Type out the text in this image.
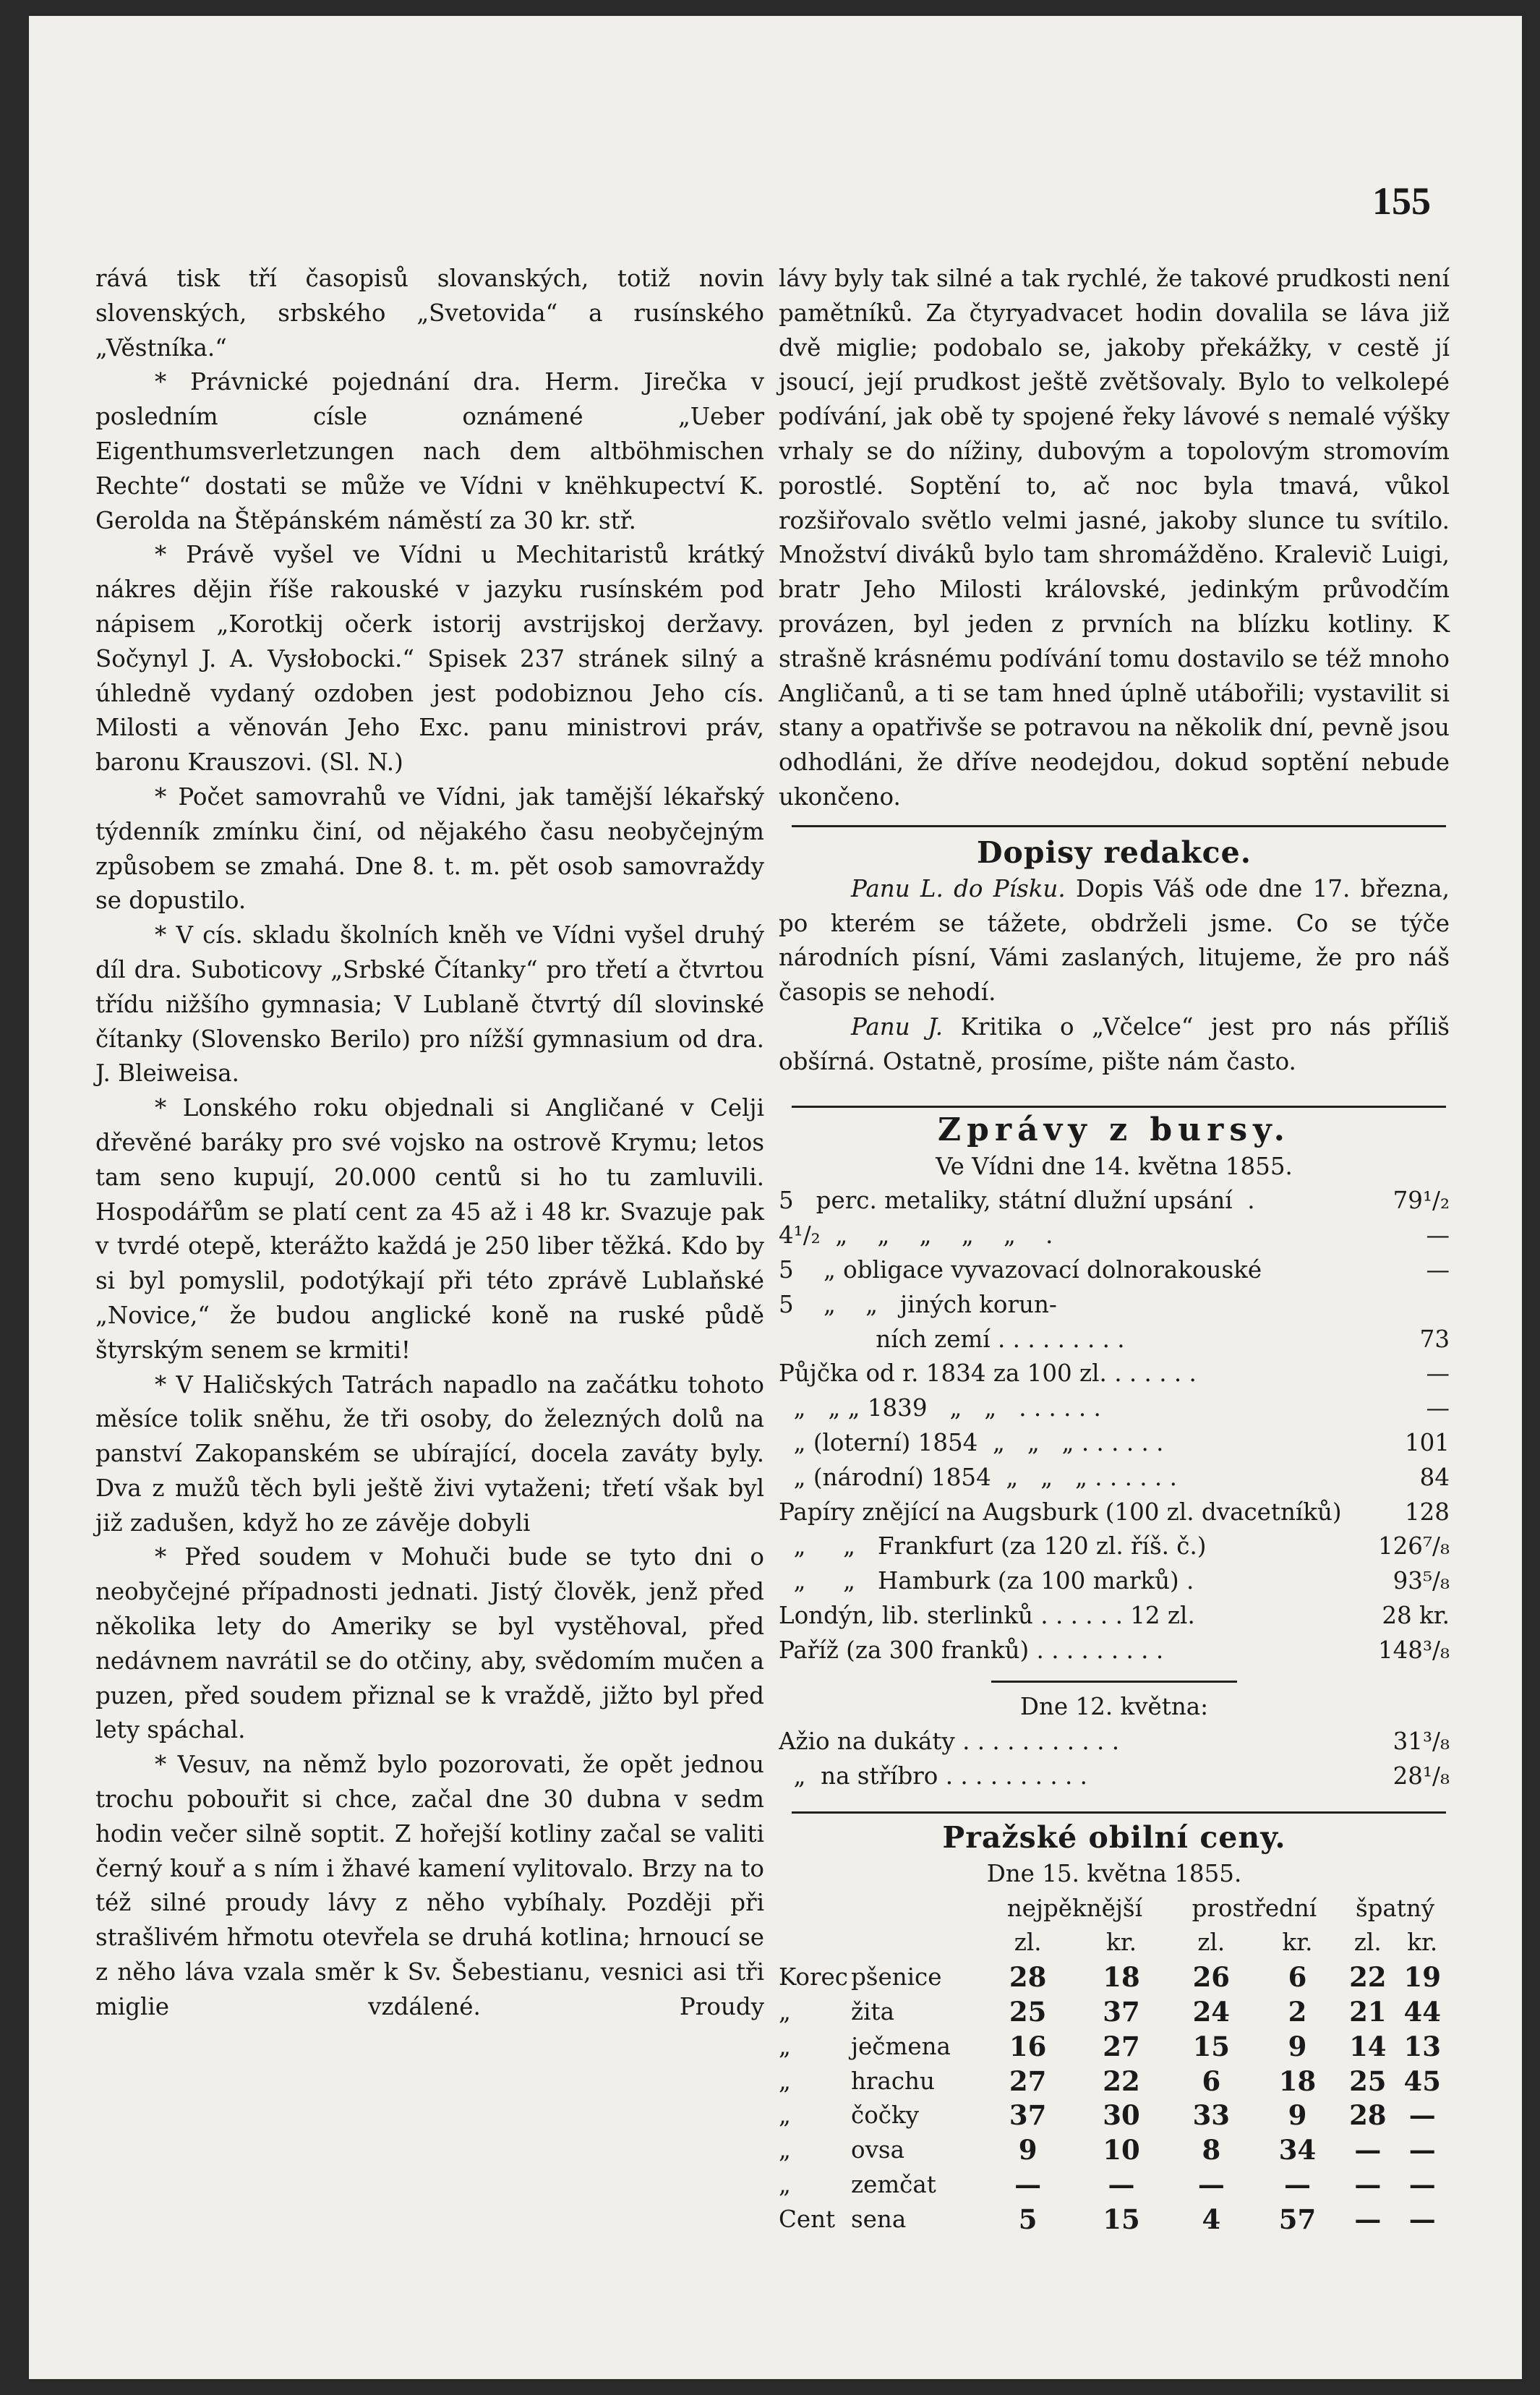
155

rává tisk tří časopisů slovanských, totiž novin slovenských, srbského „Svetovida“ a rusínského „Věstníka.“

* Právnické pojednání dra. Herm. Jirečka v posledním císle oznámené „Ueber Eigenthumsverletzungen nach dem altböhmischen Rechte“ dostati se může ve Vídni v knëhkupectví K. Gerolda na Štěpánském náměstí za 30 kr. stř.

* Právě vyšel ve Vídni u Mechitaristů krátký nákres dějin říše rakouské v jazyku rusínském pod nápisem „Korotkij očerk istorij avstrijskoj deržavy. Sočynyl J. A. Vysłobocki.“ Spisek 237 stránek silný a úhledně vydaný ozdoben jest podobiznou Jeho cís. Milosti a věnován Jeho Exc. panu ministrovi práv, baronu Krauszovi. (Sl. N.)

* Počet samovrahů ve Vídni, jak tamější lékařský týdenník zmínku činí, od nějakého času neobyčejným způsobem se zmahá. Dne 8. t. m. pět osob samovraždy se dopustilo.

* V cís. skladu školních kněh ve Vídni vyšel druhý díl dra. Suboticovy „Srbské Čítanky“ pro třetí a čtvrtou třídu nižšího gymnasia; V Lublaně čtvrtý díl slovinské čítanky (Slovensko Berilo) pro nížší gymnasium od dra. J. Bleiweisa.

* Lonského roku objednali si Angličané v Celji dřevěné baráky pro své vojsko na ostrově Krymu; letos tam seno kupují, 20.000 centů si ho tu zamluvili. Hospodářům se platí cent za 45 až i 48 kr. Svazuje pak v tvrdé otepě, kterážto každá je 250 liber těžká. Kdo by si byl pomyslil, podotýkají při této zprávě Lublaňské „Novice,“ že budou anglické koně na ruské půdě štyrským senem se krmiti!

* V Haličských Tatrách napadlo na začátku tohoto měsíce tolik sněhu, že tři osoby, do železných dolů na panství Zakopanském se ubírající, docela zaváty byly. Dva z mužů těch byli ještě živi vytaženi; třetí však byl již zadušen, když ho ze závěje dobyli

* Před soudem v Mohuči bude se tyto dni o neobyčejné případnosti jednati. Jistý člověk, jenž před několika lety do Ameriky se byl vystěhoval, před nedávnem navrátil se do otčiny, aby, svědomím mučen a puzen, před soudem přiznal se k vraždě, jižto byl před lety spáchal.

* Vesuv, na němž bylo pozorovati, že opět jednou trochu pobouřit si chce, začal dne 30 dubna v sedm hodin večer silně soptit. Z hořejší kotliny začal se valiti černý kouř a s ním i žhavé kamení vylitovalo. Brzy na to též silné proudy lávy z něho vybíhaly. Později při strašlivém hřmotu otevřela se druhá kotlina; hrnoucí se z něho láva vzala směr k Sv. Šebestianu, vesnici asi tři miglie vzdálené. Proudy

lávy byly tak silné a tak rychlé, že takové prudkosti není pamětníků. Za čtyryadvacet hodin dovalila se láva již dvě miglie; podobalo se, jakoby překážky, v cestě jí jsoucí, její prudkost ještě zvětšovaly. Bylo to velkolepé podívání, jak obě ty spojené řeky lávové s nemalé výšky vrhaly se do nížiny, dubovým a topolovým stromovím porostlé. Soptění to, ač noc byla tmavá, vůkol rozšiřovalo světlo velmi jasné, jakoby slunce tu svítilo. Množství diváků bylo tam shromážděno. Kralevič Luigi, bratr Jeho Milosti královské, jedinkým průvodčím provázen, byl jeden z prvních na blízku kotliny. K strašně krásnému podívání tomu dostavilo se též mnoho Angličanů, a ti se tam hned úplně utábořili; vystavilit si stany a opatřivše se potravou na několik dní, pevně jsou odhodláni, že dříve neodejdou, dokud soptění nebude ukončeno.

Dopisy redakce.

Panu L. do Písku. Dopis Váš ode dne 17. března, po kterém se tážete, obdrželi jsme. Co se týče národních písní, Vámi zaslaných, litujeme, že pro náš časopis se nehodí.

Panu J. Kritika o „Včelce“ jest pro nás příliš obšírná. Ostatně, prosíme, pište nám často.

Zprávy z bursy.
Ve Vídni dne 14. května 1855.
5   perc. metaliky, státní dlužní upsání  .	79¹/₂
4¹/₂  „    „    „    „    „    .	—
5    „ obligace vyvazovací dolnorakouské	—
5    „    „   jiných korun-
ních zemí . . . . . . . . .	73
Půjčka od r. 1834 za 100 zl. . . . . . .	—
„   „ „ 1839   „   „   . . . . . .	—
„ (loterní) 1854  „   „   „ . . . . . .	101
„ (národní) 1854  „   „   „ . . . . . .	84
Papíry znějící na Augsburk (100 zl. dvacetníků)	128
„     „   Frankfurt (za 120 zl. říš. č.)	126⁷/₈
„     „   Hamburk (za 100 marků) .	93⁵/₈
Londýn, lib. sterlinků . . . . . . 12 zl.	28 kr.
Paříž (za 300 franků) . . . . . . . . .	148³/₈
Dne 12. května:
Ažio na dukáty . . . . . . . . . . .	31³/₈
„  na stříbro . . . . . . . . . .	28¹/₈
Pražské obilní ceny.
Dne 15. května 1855.
		nejpěknější		prostřední		špatný	
		zl.	kr.	zl.	kr.	zl.	kr.
Korec	pšenice	28	18	26	6	22	19
„	žita	25	37	24	2	21	44
„	ječmena	16	27	15	9	14	13
„	hrachu	27	22	6	18	25	45
„	čočky	37	30	33	9	28	—
„	ovsa	9	10	8	34	—	—
„	zemčat	—	—	—	—	—	—
Cent	sena	5	15	4	57	—	—
